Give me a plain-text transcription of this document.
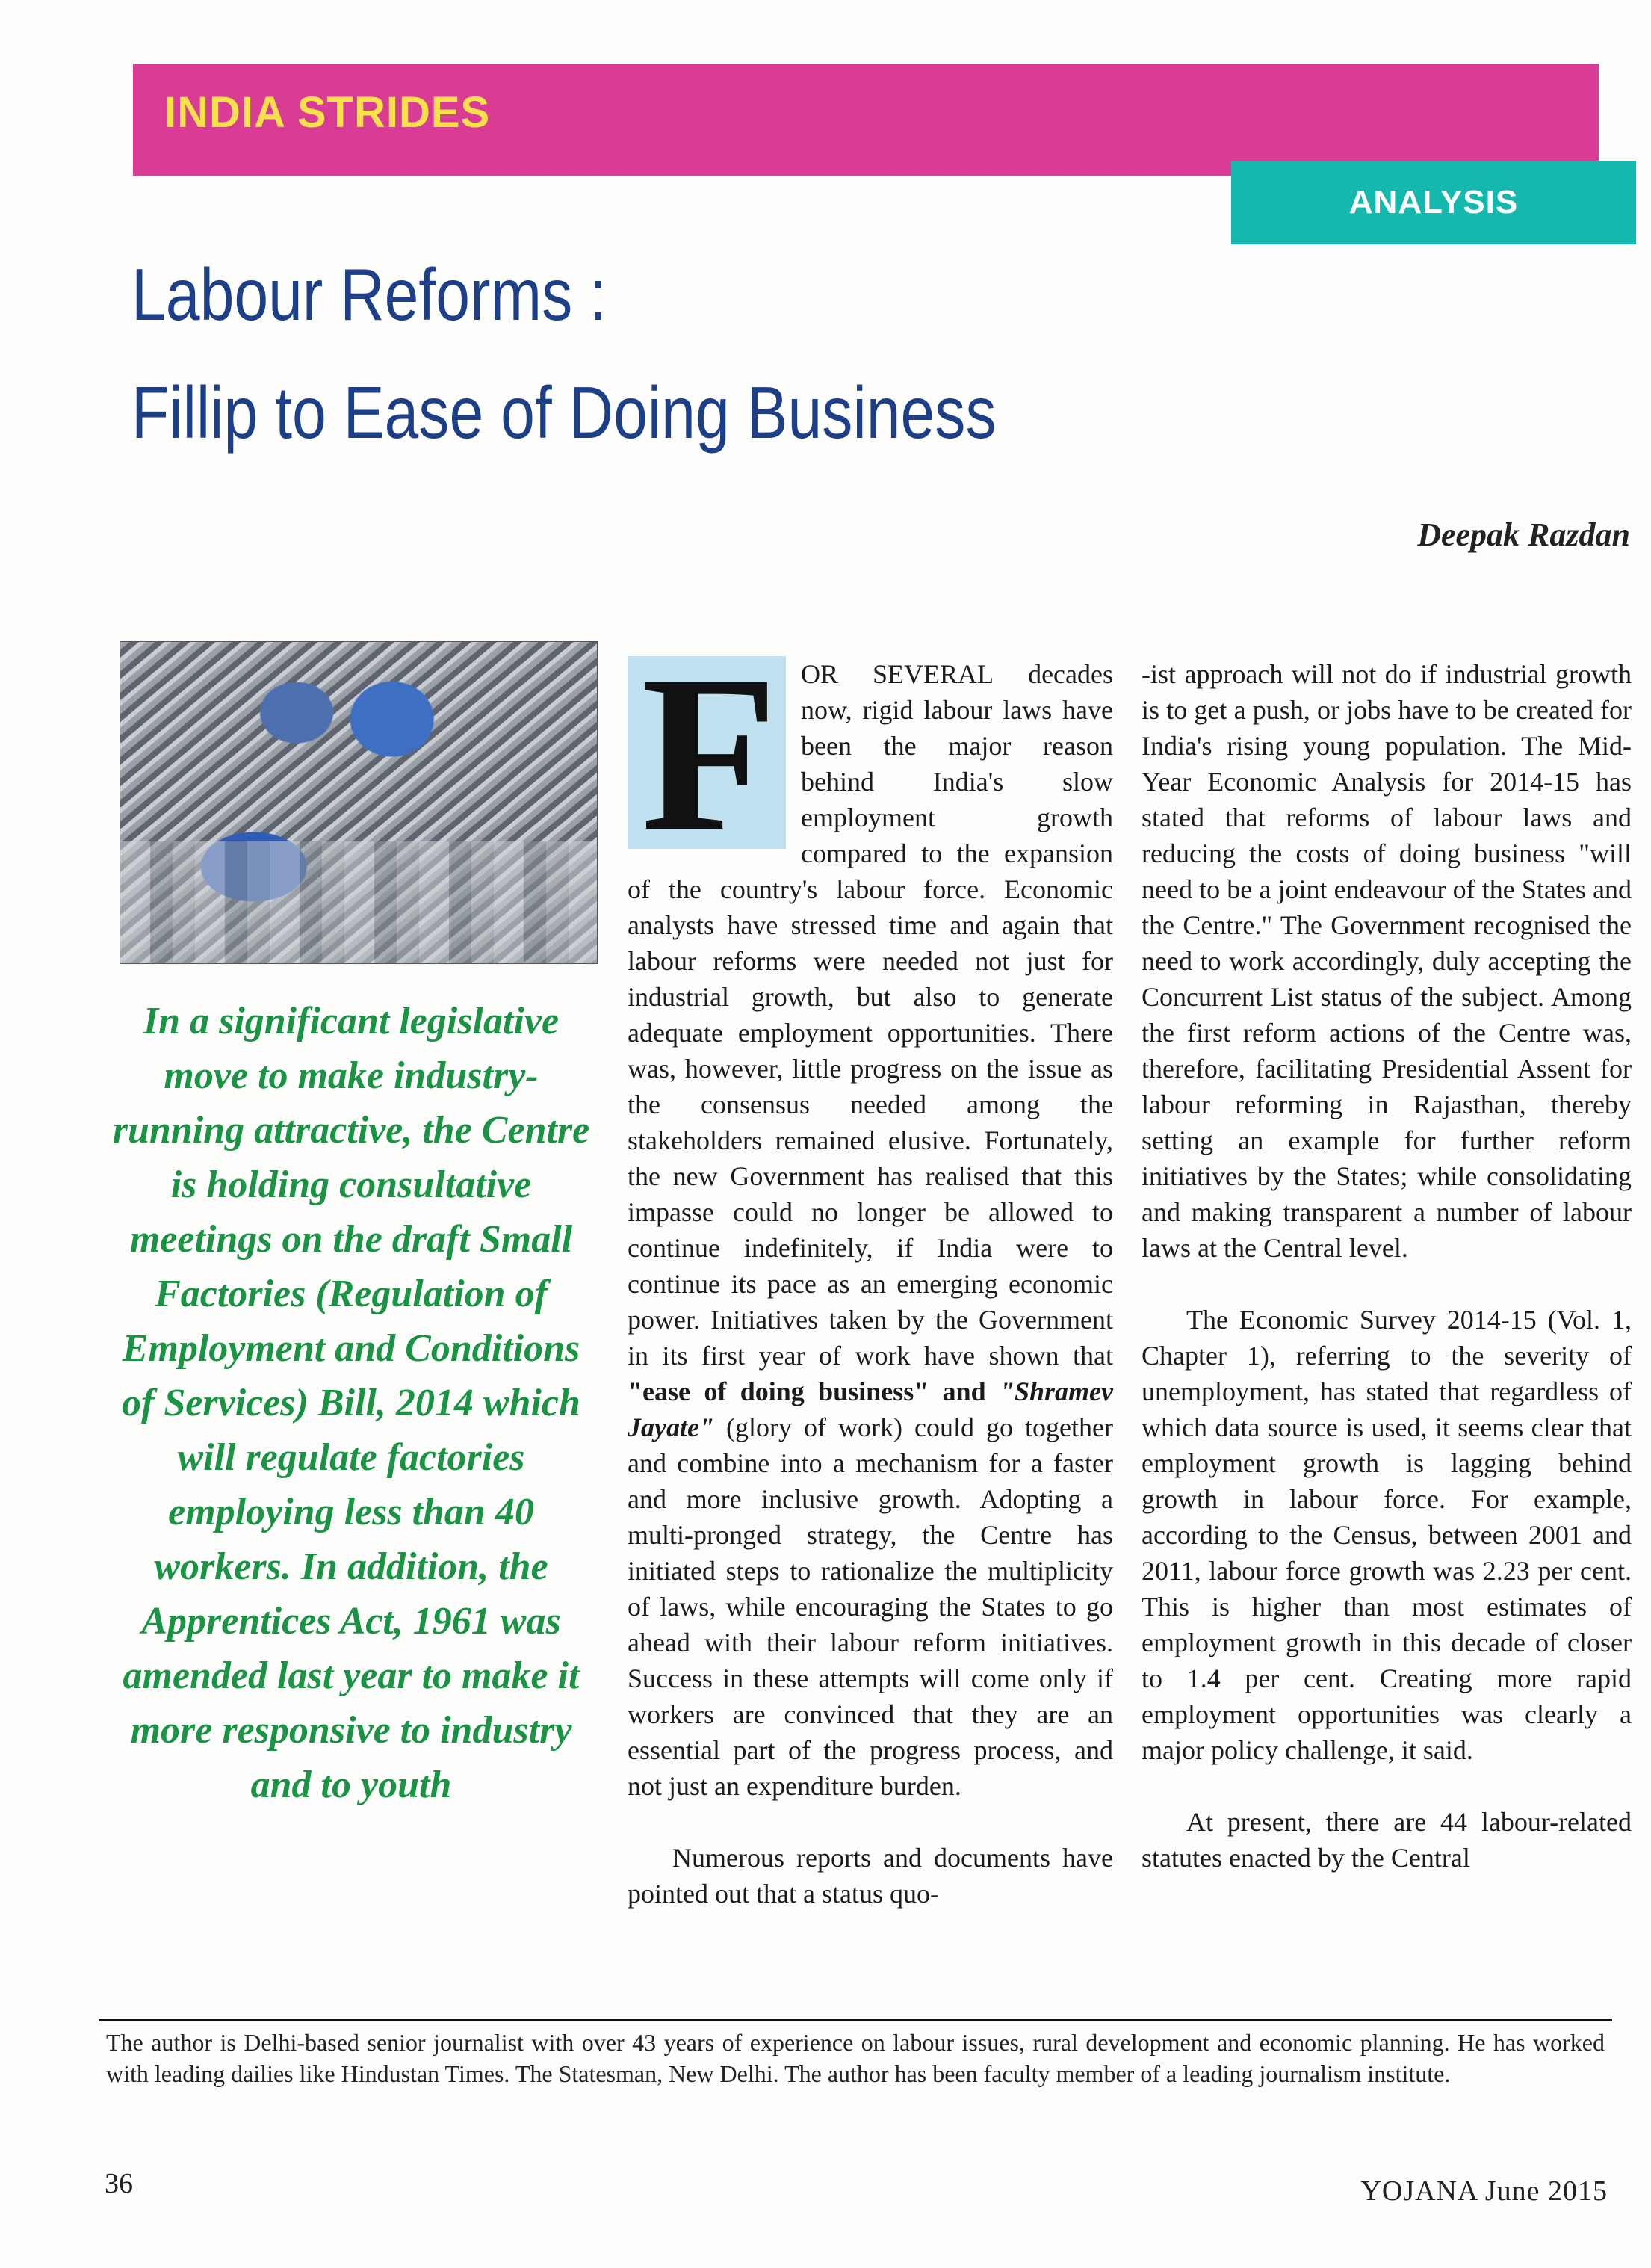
INDIA STRIDES
ANALYSIS
Labour Reforms :
Fillip to Ease of Doing Business
Deepak Razdan
In a significant legislative move to make industry-running attractive, the Centre is holding consultative meetings on the draft Small Factories (Regulation of Employment and Conditions of Services) Bill, 2014 which will regulate factories employing less than 40 workers. In addition, the Apprentices Act, 1961 was amended last year to make it more responsive to industry and to youth
F OR SEVERAL decades now, rigid labour laws have been the major reason behind India's slow employment growth compared to the expansion of the country's labour force. Economic analysts have stressed time and again that labour reforms were needed not just for industrial growth, but also to generate adequate employment opportunities. There was, however, little progress on the issue as the consensus needed among the stakeholders remained elusive. Fortunately, the new Government has realised that this impasse could no longer be allowed to continue indefinitely, if India were to continue its pace as an emerging economic power. Initiatives taken by the Government in its first year of work have shown that "ease of doing business" and "Shramev Jayate" (glory of work) could go together and combine into a mechanism for a faster and more inclusive growth. Adopting a multi-pronged strategy, the Centre has initiated steps to rationalize the multiplicity of laws, while encouraging the States to go ahead with their labour reform initiatives. Success in these attempts will come only if workers are convinced that they are an essential part of the progress process, and not just an expenditure burden.
Numerous reports and documents have pointed out that a status quo-
-ist approach will not do if industrial growth is to get a push, or jobs have to be created for India's rising young population. The Mid-Year Economic Analysis for 2014-15 has stated that reforms of labour laws and reducing the costs of doing business "will need to be a joint endeavour of the States and the Centre." The Government recognised the need to work accordingly, duly accepting the Concurrent List status of the subject. Among the first reform actions of the Centre was, therefore, facilitating Presidential Assent for labour reforming in Rajasthan, thereby setting an example for further reform initiatives by the States; while consolidating and making transparent a number of labour laws at the Central level.
The Economic Survey 2014-15 (Vol. 1, Chapter 1), referring to the severity of unemployment, has stated that regardless of which data source is used, it seems clear that employment growth is lagging behind growth in labour force. For example, according to the Census, between 2001 and 2011, labour force growth was 2.23 per cent. This is higher than most estimates of employment growth in this decade of closer to 1.4 per cent. Creating more rapid employment opportunities was clearly a major policy challenge, it said.
At present, there are 44 labour-related statutes enacted by the Central
The author is Delhi-based senior journalist with over 43 years of experience on labour issues, rural development and economic planning. He has worked with leading dailies like Hindustan Times. The Statesman, New Delhi. The author has been faculty member of a leading journalism institute.
36	YOJANA June 2015
